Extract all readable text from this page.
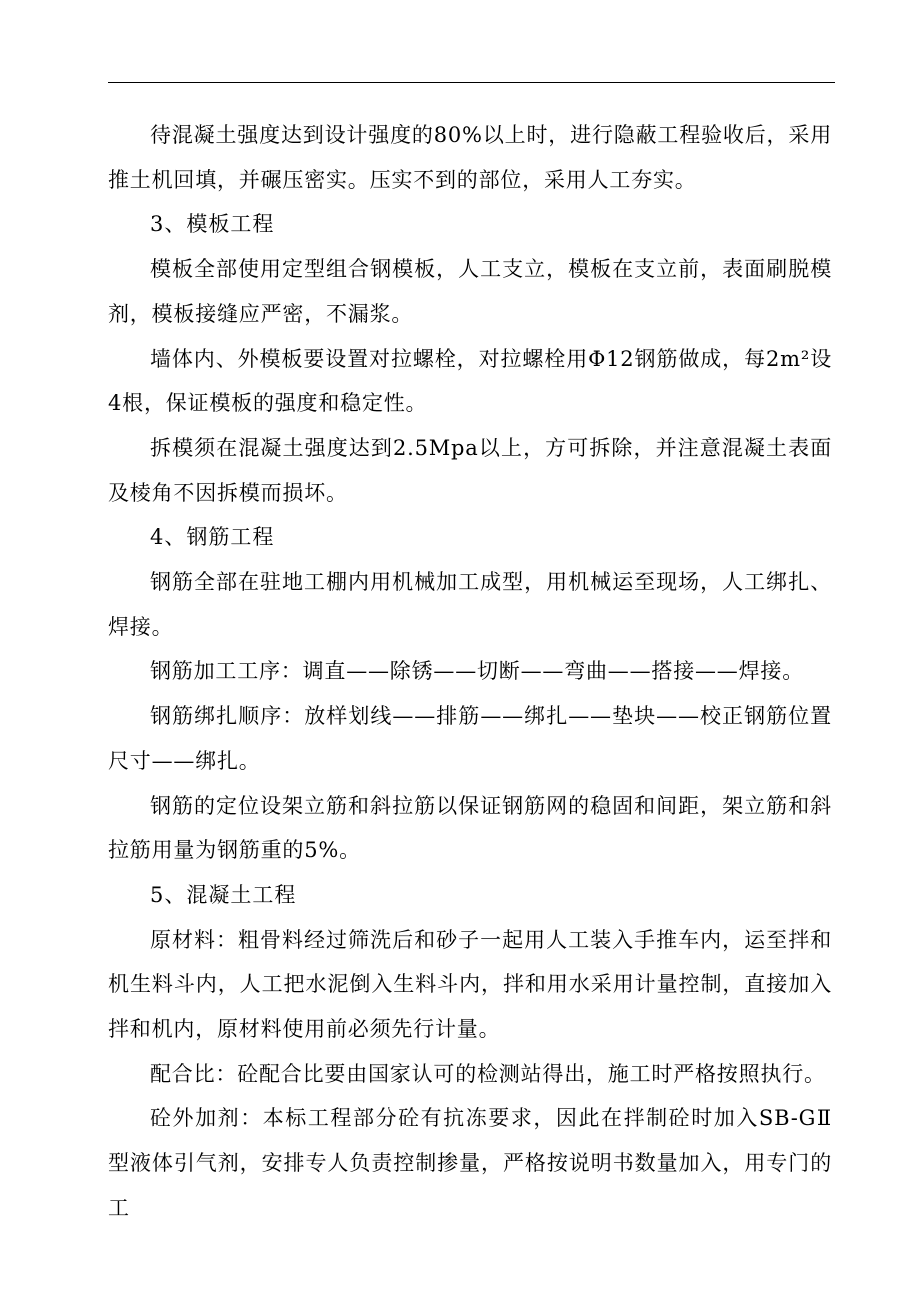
待混凝土强度达到设计强度的80%以上时，进行隐蔽工程验收后，采用推土机回填，并碾压密实。压实不到的部位，采用人工夯实。

3、模板工程

模板全部使用定型组合钢模板，人工支立，模板在支立前，表面刷脱模剂，模板接缝应严密，不漏浆。

墙体内、外模板要设置对拉螺栓，对拉螺栓用Φ12钢筋做成，每2m²设4根，保证模板的强度和稳定性。

拆模须在混凝土强度达到2.5Mpa以上，方可拆除，并注意混凝土表面及棱角不因拆模而损坏。

4、钢筋工程

钢筋全部在驻地工棚内用机械加工成型，用机械运至现场，人工绑扎、焊接。

钢筋加工工序：调直——除锈——切断——弯曲——搭接——焊接。

钢筋绑扎顺序：放样划线——排筋——绑扎——垫块——校正钢筋位置尺寸——绑扎。

钢筋的定位设架立筋和斜拉筋以保证钢筋网的稳固和间距，架立筋和斜拉筋用量为钢筋重的5%。

5、混凝土工程

原材料：粗骨料经过筛洗后和砂子一起用人工装入手推车内，运至拌和机生料斗内，人工把水泥倒入生料斗内，拌和用水采用计量控制，直接加入拌和机内，原材料使用前必须先行计量。

配合比：砼配合比要由国家认可的检测站得出，施工时严格按照执行。

砼外加剂：本标工程部分砼有抗冻要求，因此在拌制砼时加入SB-GⅡ型液体引气剂，安排专人负责控制掺量，严格按说明书数量加入，用专门的工
